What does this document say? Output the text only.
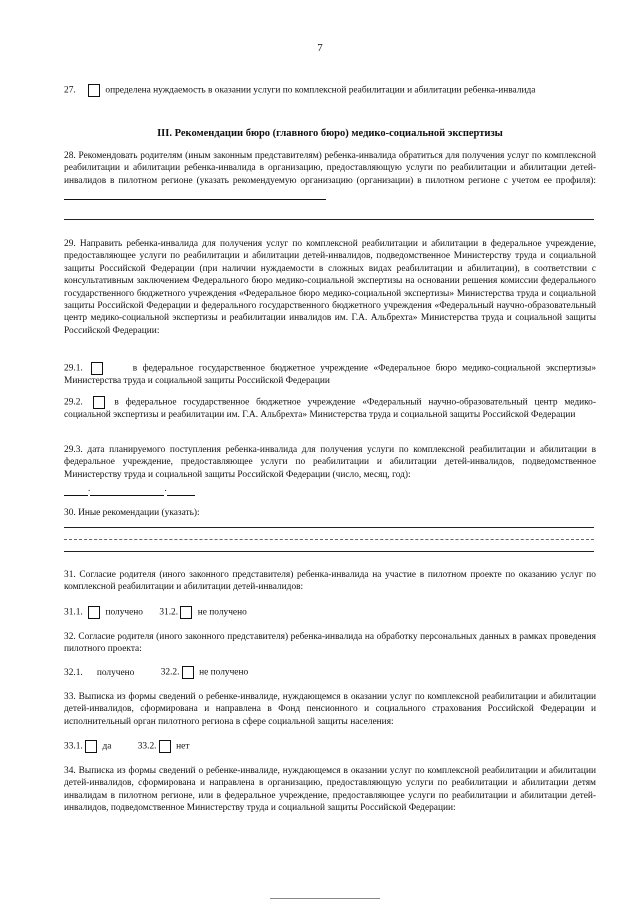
7

27.	определена нуждаемость в оказании услуги по комплексной реабилитации и абилитации ребенка-инвалида

III. Рекомендации бюро (главного бюро) медико-социальной экспертизы

28. Рекомендовать родителям (иным законным представителям) ребенка-инвалида обратиться для получения услуг по комплексной реабилитации и абилитации ребенка-инвалида в организацию, предоставляющую услуги по реабилитации и абилитации детей-инвалидов в пилотном регионе (указать рекомендуемую организацию (организации) в пилотном регионе с учетом ее профиля):

29. Направить ребенка-инвалида для получения услуг по комплексной реабилитации и абилитации в федеральное учреждение, предоставляющее услуги по реабилитации и абилитации детей-инвалидов, подведомственное Министерству труда и социальной защиты Российской Федерации (при наличии нуждаемости в сложных видах реабилитации и абилитации), в соответствии с консультативным заключением Федерального бюро медико-социальной экспертизы на основании решения комиссии федерального государственного бюджетного учреждения «Федеральное бюро медико-социальной экспертизы» Министерства труда и социальной защиты Российской Федерации и федерального государственного бюджетного учреждения «Федеральный научно-образовательный центр медико-социальной экспертизы и реабилитации инвалидов им. Г.А. Альбрехта» Министерства труда и социальной защиты Российской Федерации:

29.1.	в федеральное государственное бюджетное учреждение «Федеральное бюро медико-социальной экспертизы» Министерства труда и социальной защиты Российской Федерации

29.2.	в федеральное государственное бюджетное учреждение «Федеральный научно-образовательный центр медико-социальной экспертизы и реабилитации им. Г.А. Альбрехта» Министерства труда и социальной защиты Российской Федерации

29.3. дата планируемого поступления ребенка-инвалида для получения услуги по комплексной реабилитации и абилитации в федеральное учреждение, предоставляющее услуги по реабилитации и абилитации детей-инвалидов, подведомственное Министерству труда и социальной защиты Российской Федерации (число, месяц, год):

.	.

30. Иные рекомендации (указать):

31. Согласие родителя (иного законного представителя) ребенка-инвалида на участие в пилотном проекте по оказанию услуг по комплексной реабилитации и абилитации детей-инвалидов:

31.1. получено 31.2. не получено

32. Согласие родителя (иного законного представителя) ребенка-инвалида на обработку персональных данных в рамках проведения пилотного проекта:

32.1. получено	32.2. не получено

33. Выписка из формы сведений о ребенке-инвалиде, нуждающемся в оказании услуг по комплексной реабилитации и абилитации детей-инвалидов, сформирована и направлена в Фонд пенсионного и социального страхования Российской Федерации и исполнительный орган пилотного региона в сфере социальной защиты населения:

33.1. да	33.2. нет

34. Выписка из формы сведений о ребенке-инвалиде, нуждающемся в оказании услуг по комплексной реабилитации и абилитации детей-инвалидов, сформирована и направлена в организацию, предоставляющую услуги по реабилитации и абилитации детям инвалидам в пилотном регионе, или в федеральное учреждение, предоставляющее услуги по реабилитации и абилитации детей-инвалидов, подведомственное Министерству труда и социальной защиты Российской Федерации:
